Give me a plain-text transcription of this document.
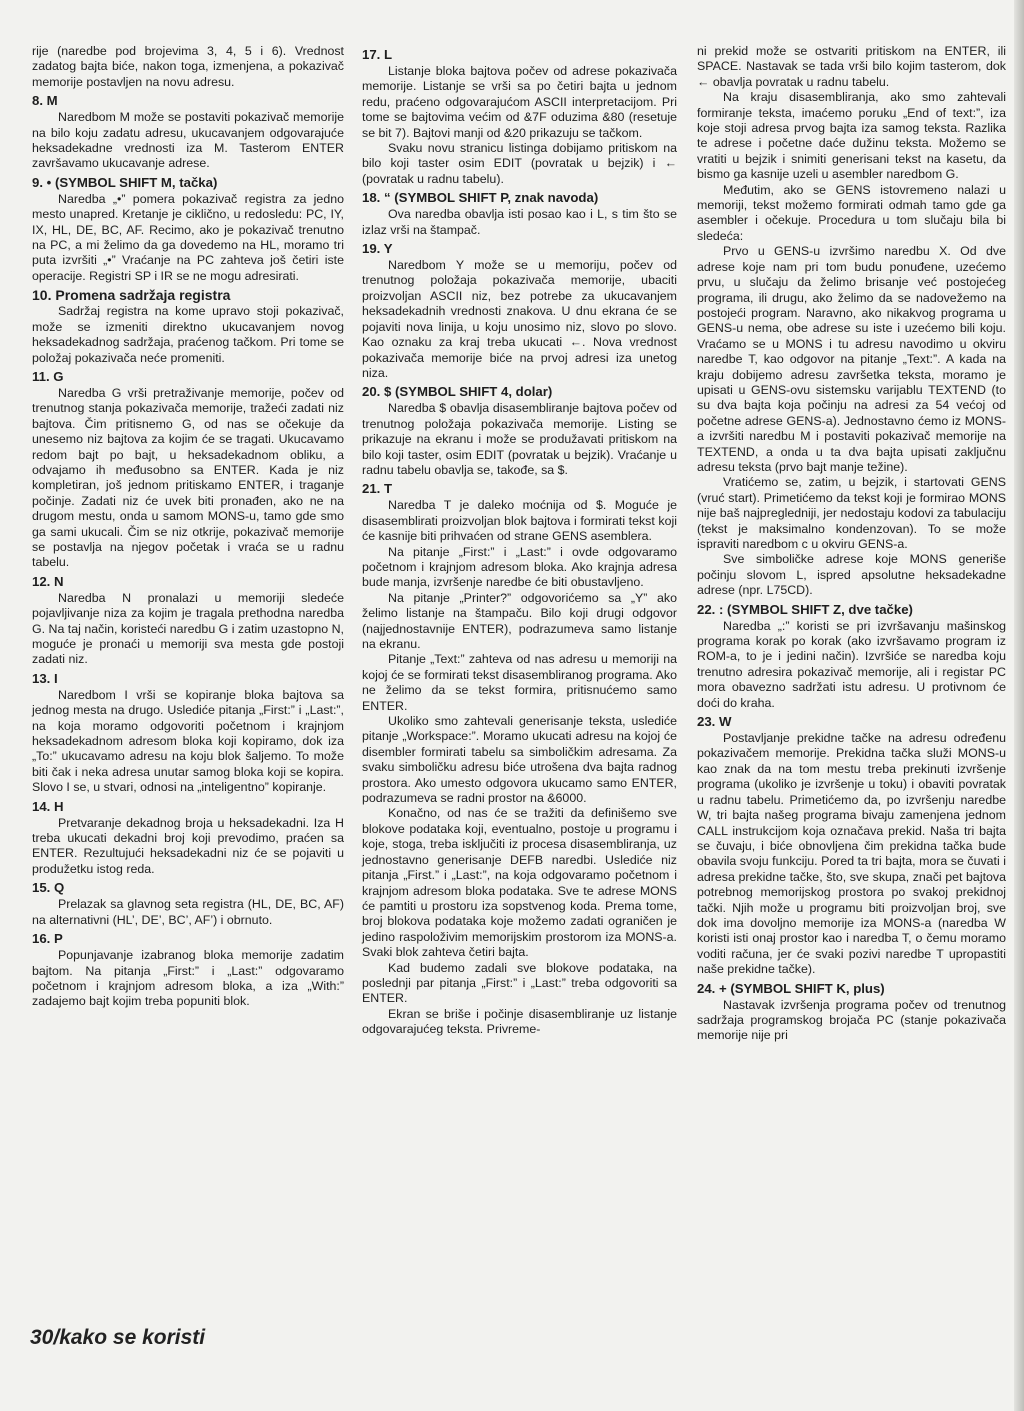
rije (naredbe pod brojevima 3, 4, 5 i 6). Vrednost zadatog bajta biće, nakon toga, izmenjena, a pokazivač memorije postavljen na novu adresu.

8. M

Naredbom M može se postaviti pokazivač memorije na bilo koju zadatu adresu, ukucavanjem odgovarajuće heksadekadne vrednosti iza M. Tasterom ENTER završavamo ukucavanje adrese.

9. • (SYMBOL SHIFT M, tačka)

Naredba „•” pomera pokazivač registra za jedno mesto unapred. Kretanje je ciklično, u redosledu: PC, IY, IX, HL, DE, BC, AF. Recimo, ako je pokazivač trenutno na PC, a mi želimo da ga dovedemo na HL, moramo tri puta izvršiti „•” Vraćanje na PC zahteva još četiri iste operacije. Registri SP i IR se ne mogu adresirati.

10. Promena sadržaja registra

Sadržaj registra na kome upravo stoji pokazivač, može se izmeniti direktno ukucavanjem novog heksadekadnog sadržaja, praćenog tačkom. Pri tome se položaj pokazivača neće promeniti.

11. G

Naredba G vrši pretraživanje memorije, počev od trenutnog stanja pokazivača memorije, tražeći zadati niz bajtova. Čim pritisnemo G, od nas se očekuje da unesemo niz bajtova za kojim će se tragati. Ukucavamo redom bajt po bajt, u heksadekadnom obliku, a odvajamo ih međusobno sa ENTER. Kada je niz kompletiran, još jednom pritiskamo ENTER, i traganje počinje. Zadati niz će uvek biti pronađen, ako ne na drugom mestu, onda u samom MONS-u, tamo gde smo ga sami ukucali. Čim se niz otkrije, pokazivač memorije se postavlja na njegov početak i vraća se u radnu tabelu.

12. N

Naredba N pronalazi u memoriji sledeće pojavljivanje niza za kojim je tragala prethodna naredba G. Na taj način, koristeći naredbu G i zatim uzastopno N, moguće je pronaći u memoriji sva mesta gde postoji zadati niz.

13. I

Naredbom I vrši se kopiranje bloka bajtova sa jednog mesta na drugo. Uslediće pitanja „First:” i „Last:”, na koja moramo odgovoriti početnom i krajnjom heksadekadnom adresom bloka koji kopiramo, dok iza „To:” ukucavamo adresu na koju blok šaljemo. To može biti čak i neka adresa unutar samog bloka koji se kopira. Slovo I se, u stvari, odnosi na „inteligentno” kopiranje.

14. H

Pretvaranje dekadnog broja u heksadekadni. Iza H treba ukucati dekadni broj koji prevodimo, praćen sa ENTER. Rezultujući heksadekadni niz će se pojaviti u produžetku istog reda.

15. Q

Prelazak sa glavnog seta registra (HL, DE, BC, AF) na alternativni (HL’, DE’, BC’, AF’) i obrnuto.

16. P

Popunjavanje izabranog bloka memorije zadatim bajtom. Na pitanja „First:” i „Last:” odgovaramo početnom i krajnjom adresom bloka, a iza „With:” zadajemo bajt kojim treba popuniti blok.

17. L

Listanje bloka bajtova počev od adrese pokazivača memorije. Listanje se vrši sa po četiri bajta u jednom redu, praćeno odgovarajućom ASCII interpretacijom. Pri tome se bajtovima većim od &7F oduzima &80 (resetuje se bit 7). Bajtovi manji od &20 prikazuju se tačkom.

Svaku novu stranicu listinga dobijamo pritiskom na bilo koji taster osim EDIT (povratak u bejzik) i ← (povratak u radnu tabelu).

18. “ (SYMBOL SHIFT P, znak navoda)

Ova naredba obavlja isti posao kao i L, s tim što se izlaz vrši na štampač.

19. Y

Naredbom Y može se u memoriju, počev od trenutnog položaja pokazivača memorije, ubaciti proizvoljan ASCII niz, bez potrebe za ukucavanjem heksadekadnih vrednosti znakova. U dnu ekrana će se pojaviti nova linija, u koju unosimo niz, slovo po slovo. Kao oznaku za kraj treba ukucati ←. Nova vrednost pokazivača memorije biće na prvoj adresi iza unetog niza.

20. $ (SYMBOL SHIFT 4, dolar)

Naredba $ obavlja disasembliranje bajtova počev od trenutnog položaja pokazivača memorije. Listing se prikazuje na ekranu i može se produžavati pritiskom na bilo koji taster, osim EDIT (povratak u bejzik). Vraćanje u radnu tabelu obavlja se, takođe, sa $.

21. T

Naredba T je daleko moćnija od $. Moguće je disasemblirati proizvoljan blok bajtova i formirati tekst koji će kasnije biti prihvaćen od strane GENS asemblera.

Na pitanje „First:” i „Last:” i ovde odgovaramo početnom i krajnjom adresom bloka. Ako krajnja adresa bude manja, izvršenje naredbe će biti obustavljeno.

Na pitanje „Printer?” odgovorićemo sa „Y” ako želimo listanje na štampaču. Bilo koji drugi odgovor (najjednostavnije ENTER), podrazumeva samo listanje na ekranu.

Pitanje „Text:” zahteva od nas adresu u memoriji na kojoj će se formirati tekst disasembliranog programa. Ako ne želimo da se tekst formira, pritisnućemo samo ENTER.

Ukoliko smo zahtevali generisanje teksta, uslediće pitanje „Workspace:”. Moramo ukucati adresu na kojoj će disembler formirati tabelu sa simboličkim adresama. Za svaku simboličku adresu biće utrošena dva bajta radnog prostora. Ako umesto odgovora ukucamo samo ENTER, podrazumeva se radni prostor na &6000.

Konačno, od nas će se tražiti da definišemo sve blokove podataka koji, eventualno, postoje u programu i koje, stoga, treba isključiti iz procesa disasembliranja, uz jednostavno generisanje DEFB naredbi. Uslediće niz pitanja „First.” i „Last:”, na koja odgovaramo početnom i krajnjom adresom bloka podataka. Sve te adrese MONS će pamtiti u prostoru iza sopstvenog koda. Prema tome, broj blokova podataka koje možemo zadati ograničen je jedino raspoloživim memorijskim prostorom iza MONS-a. Svaki blok zahteva četiri bajta.

Kad budemo zadali sve blokove podataka, na poslednji par pitanja „First:” i „Last:” treba odgovoriti sa ENTER.

Ekran se briše i počinje disasembliranje uz listanje odgovarajućeg teksta. Privreme-

ni prekid može se ostvariti pritiskom na ENTER, ili SPACE. Nastavak se tada vrši bilo kojim tasterom, dok ← obavlja povratak u radnu tabelu.

Na kraju disasembliranja, ako smo zahtevali formiranje teksta, imaćemo poruku „End of text:”, iza koje stoji adresa prvog bajta iza samog teksta. Razlika te adrese i početne daće dužinu teksta. Možemo se vratiti u bejzik i snimiti generisani tekst na kasetu, da bismo ga kasnije uzeli u asembler naredbom G.

Međutim, ako se GENS istovremeno nalazi u memoriji, tekst možemo formirati odmah tamo gde ga asembler i očekuje. Procedura u tom slučaju bila bi sledeća:

Prvo u GENS-u izvršimo naredbu X. Od dve adrese koje nam pri tom budu ponuđene, uzećemo prvu, u slučaju da želimo brisanje već postojećeg programa, ili drugu, ako želimo da se nadovežemo na postojeći program. Naravno, ako nikakvog programa u GENS-u nema, obe adrese su iste i uzećemo bili koju. Vraćamo se u MONS i tu adresu navodimo u okviru naredbe T, kao odgovor na pitanje „Text:”. A kada na kraju dobijemo adresu završetka teksta, moramo je upisati u GENS-ovu sistemsku varijablu TEXTEND (to su dva bajta koja počinju na adresi za 54 većoj od početne adrese GENS-a). Jednostavno ćemo iz MONS-a izvršiti naredbu M i postaviti pokazivač memorije na TEXTEND, a onda u ta dva bajta upisati zaključnu adresu teksta (prvo bajt manje težine).

Vratićemo se, zatim, u bejzik, i startovati GENS (vruć start). Primetićemo da tekst koji je formirao MONS nije baš najpregledniji, jer nedostaju kodovi za tabulaciju (tekst je maksimalno kondenzovan). To se može ispraviti naredbom c u okviru GENS-a.

Sve simboličke adrese koje MONS generiše počinju slovom L, ispred apsolutne heksadekadne adrese (npr. L75CD).

22. : (SYMBOL SHIFT Z, dve tačke)

Naredba „:” koristi se pri izvršavanju mašinskog programa korak po korak (ako izvršavamo program iz ROM-a, to je i jedini način). Izvršiće se naredba koju trenutno adresira pokazivač memorije, ali i registar PC mora obavezno sadržati istu adresu. U protivnom će doći do kraha.

23. W

Postavljanje prekidne tačke na adresu određenu pokazivačem memorije. Prekidna tačka služi MONS-u kao znak da na tom mestu treba prekinuti izvršenje programa (ukoliko je izvršenje u toku) i obaviti povratak u radnu tabelu. Primetićemo da, po izvršenju naredbe W, tri bajta našeg programa bivaju zamenjena jednom CALL instrukcijom koja označava prekid. Naša tri bajta se čuvaju, i biće obnovljena čim prekidna tačka bude obavila svoju funkciju. Pored ta tri bajta, mora se čuvati i adresa prekidne tačke, što, sve skupa, znači pet bajtova potrebnog memorijskog prostora po svakoj prekidnoj tački. Njih može u programu biti proizvoljan broj, sve dok ima dovoljno memorije iza MONS-a (naredba W koristi isti onaj prostor kao i naredba T, o čemu moramo voditi računa, jer će svaki pozivi naredbe T upropastiti naše prekidne tačke).

24. + (SYMBOL SHIFT K, plus)

Nastavak izvršenja programa počev od trenutnog sadržaja programskog brojača PC (stanje pokazivača memorije nije pri

30/kako se koristi
